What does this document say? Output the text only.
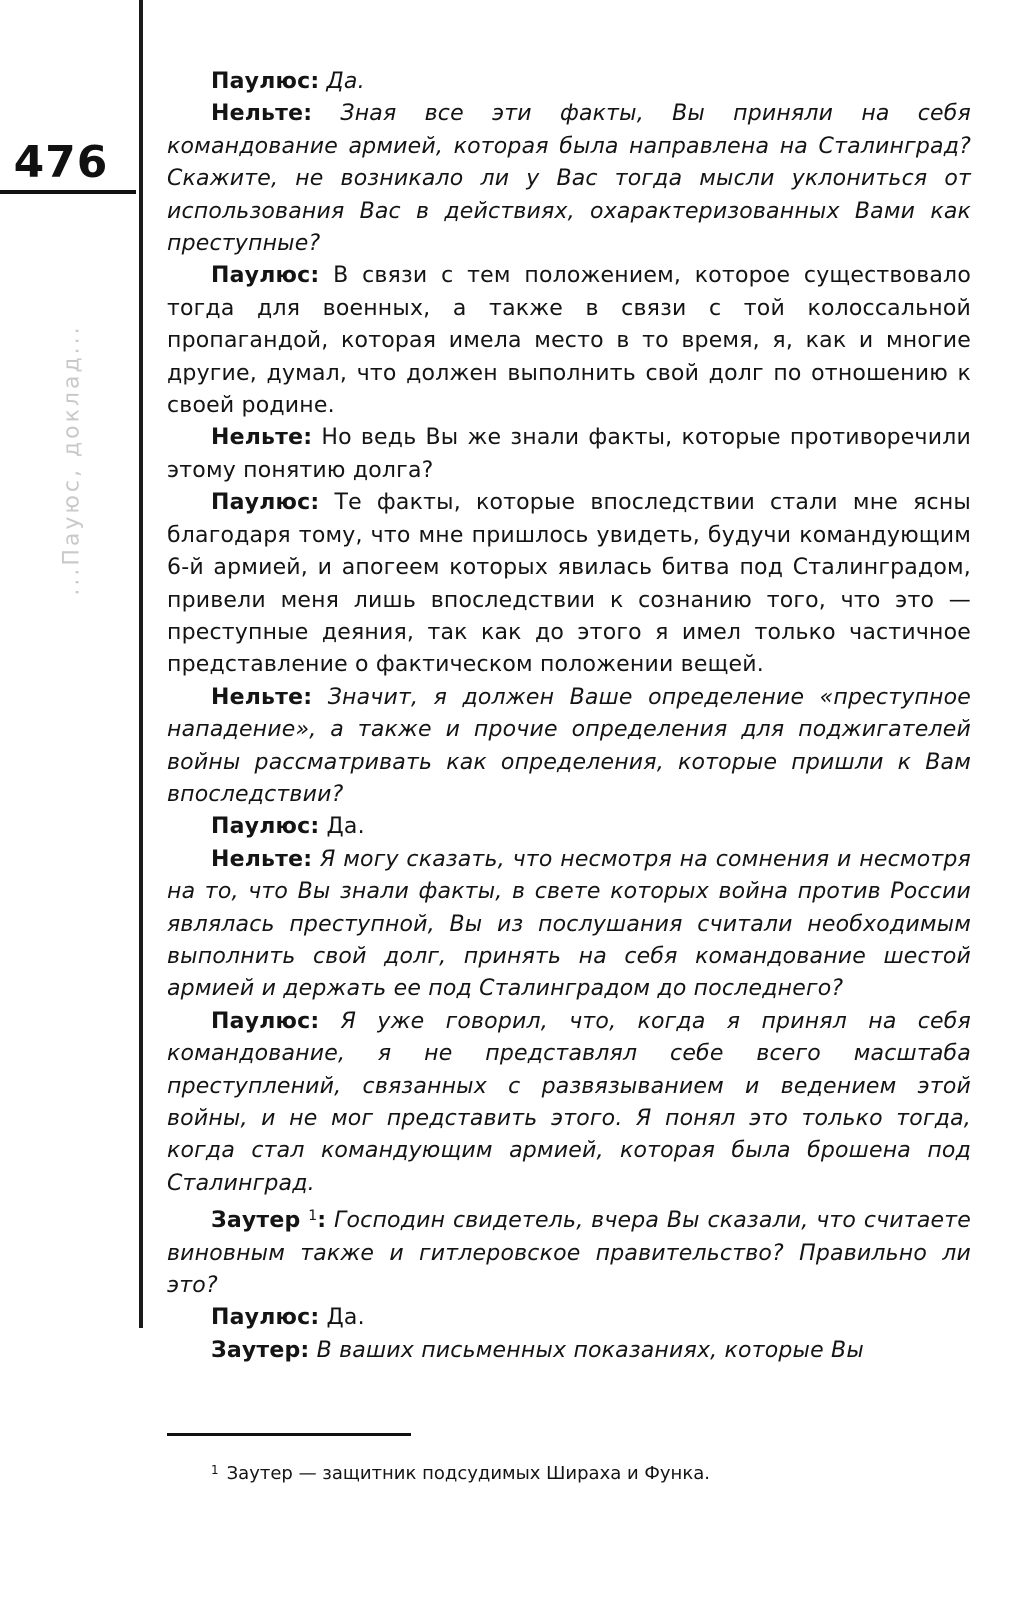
476
...Пауюс, доклад...

Паулюс: Да.

Нельте: Зная все эти факты, Вы приняли на себя командование армией, которая была направлена на Сталинград? Скажите, не возникало ли у Вас тогда мысли уклониться от использования Вас в действиях, охарактеризованных Вами как преступные?

Паулюс: В связи с тем положением, которое существовало тогда для военных, а также в связи с той колоссальной пропагандой, которая имела место в то время, я, как и многие другие, думал, что должен выполнить свой долг по отношению к своей родине.

Нельте: Но ведь Вы же знали факты, которые противоречили этому понятию долга?

Паулюс: Те факты, которые впоследствии стали мне ясны благодаря тому, что мне пришлось увидеть, будучи командующим 6-й армией, и апогеем которых явилась битва под Сталинградом, привели меня лишь впоследствии к сознанию того, что это — преступные деяния, так как до этого я имел только частичное представление о фактическом положении вещей.

Нельте: Значит, я должен Ваше определение «преступное нападение», а также и прочие определения для поджигателей войны рассматривать как определения, которые пришли к Вам впоследствии?

Паулюс: Да.

Нельте: Я могу сказать, что несмотря на сомнения и несмотря на то, что Вы знали факты, в свете которых война против России являлась преступной, Вы из послушания считали необходимым выполнить свой долг, принять на себя командование шестой армией и держать ее под Сталинградом до последнего?

Паулюс: Я уже говорил, что, когда я принял на себя командование, я не представлял себе всего масштаба преступлений, связанных с развязыванием и ведением этой войны, и не мог представить этого. Я понял это только тогда, когда стал командующим армией, которая была брошена под Сталинград.

Заутер $^1$: Господин свидетель, вчера Вы сказали, что считаете виновным также и гитлеровское правительство? Правильно ли это?

Паулюс: Да.

Заутер: В ваших письменных показаниях, которые Вы

$^1$ Заутер — защитник подсудимых Шираха и Функа.
